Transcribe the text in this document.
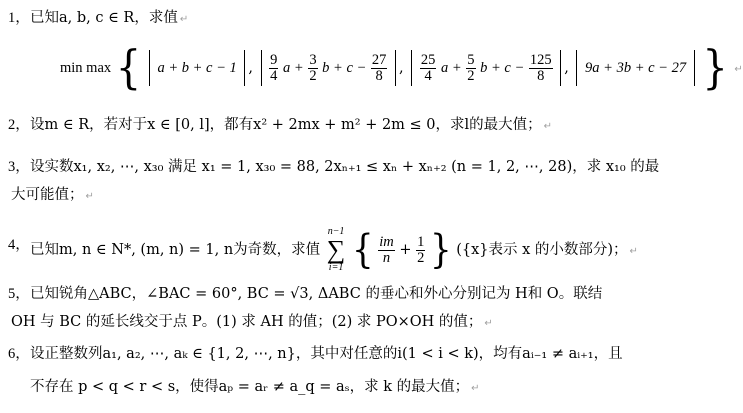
1， 已知a, b, c ∈ R，求值 ↵
min max { a + b + c − 1 , $\frac{9}{4}$ $a + \frac{3}{2}$ $b + c - \frac{27}{8}$ , $\frac{25}{4}$ $a + \frac{5}{2}$ $b + c - \frac{125}{8}$ , 9a + 3b + c − 27 } ↵
2， 设m ∈ R，若对于x ∈ [0, l]，都有x² + 2mx + m² + 2m ≤ 0，求l的最大值； ↵
3， 设实数x₁, x₂, ⋯, x₃₀ 满足 x₁ = 1, x₃₀ = 88, 2xₙ₊₁ ≤ xₙ + xₙ₊₂ (n = 1, 2, ⋯, 28)，求 x₁₀ 的最
大可能值； ↵
4， 已知m, n ∈ N*, (m, n) = 1, n为奇数，求值
n−1
∑
i=1 { $\frac{im}{n} + \frac{1}{2}$ } ({x}表示 x 的小数部分)； ↵
5， 已知锐角△ABC，∠BAC = 60°, BC = √3, ΔABC 的垂心和外心分别记为 H和 O。联结
OH 与 BC 的延长线交于点 P。(1) 求 AH 的值；(2) 求 PO×OH 的值； ↵
6， 设正整数列a₁, a₂, ⋯, aₖ ∈ {1, 2, ⋯, n}，其中对任意的i(1 < i < k)，均有aᵢ₋₁ ≠ aᵢ₊₁，且
不存在 p < q < r < s，使得aₚ = aᵣ ≠ a_q = aₛ，求 k 的最大值； ↵
